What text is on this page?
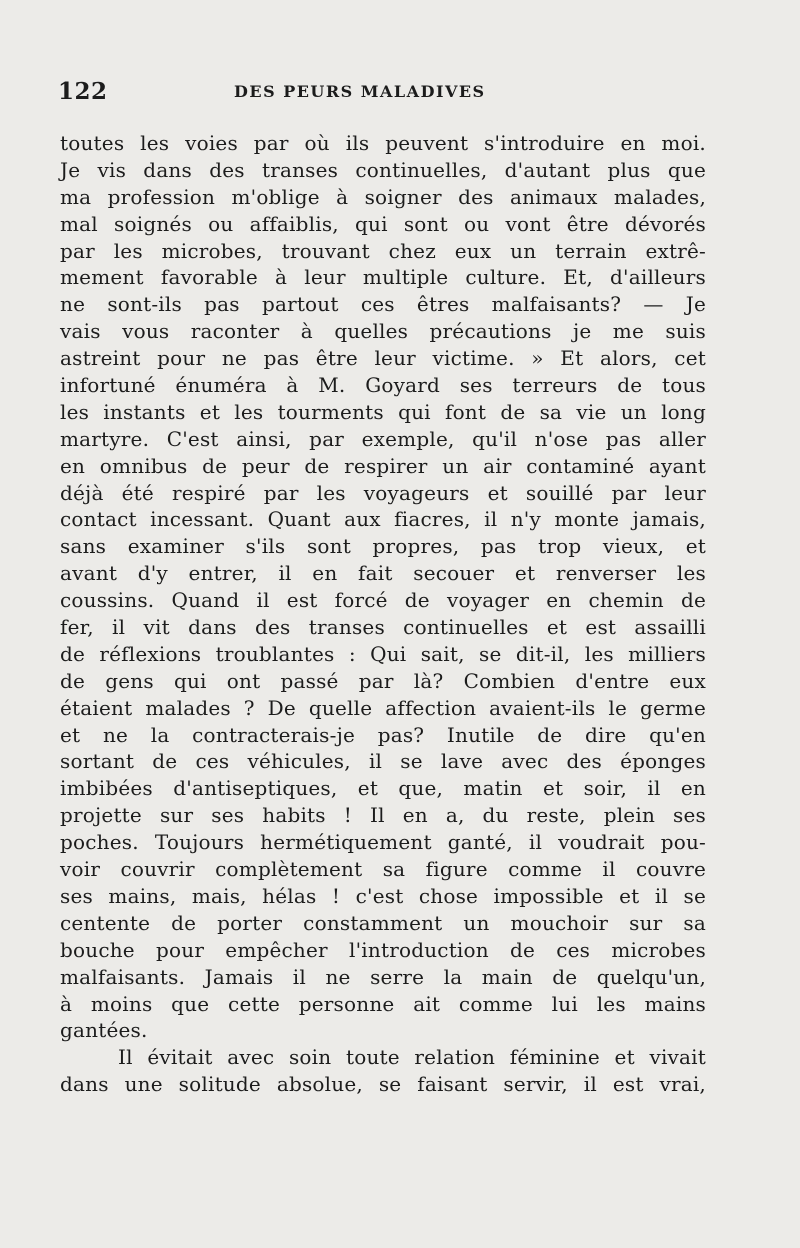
122	DES PEURS MALADIVES
toutes les voies par où ils peuvent s'introduire en moi.
Je vis dans des transes continuelles, d'autant plus que
ma profession m'oblige à soigner des animaux malades,
mal soignés ou affaiblis, qui sont ou vont être dévorés
par les microbes, trouvant chez eux un terrain extrê-
mement favorable à leur multiple culture. Et, d'ailleurs
ne sont-ils pas partout ces êtres malfaisants? — Je
vais vous raconter à quelles précautions je me suis
astreint pour ne pas être leur victime. » Et alors, cet
infortuné énuméra à M. Goyard ses terreurs de tous
les instants et les tourments qui font de sa vie un long
martyre. C'est ainsi, par exemple, qu'il n'ose pas aller
en omnibus de peur de respirer un air contaminé ayant
déjà été respiré par les voyageurs et souillé par leur
contact incessant. Quant aux fiacres, il n'y monte jamais,
sans examiner s'ils sont propres, pas trop vieux, et
avant d'y entrer, il en fait secouer et renverser les
coussins. Quand il est forcé de voyager en chemin de
fer, il vit dans des transes continuelles et est assailli
de réflexions troublantes : Qui sait, se dit-il, les milliers
de gens qui ont passé par là? Combien d'entre eux
étaient malades ? De quelle affection avaient-ils le germe
et ne la contracterais-je pas? Inutile de dire qu'en
sortant de ces véhicules, il se lave avec des éponges
imbibées d'antiseptiques, et que, matin et soir, il en
projette sur ses habits ! Il en a, du reste, plein ses
poches. Toujours hermétiquement ganté, il voudrait pou-
voir couvrir complètement sa figure comme il couvre
ses mains, mais, hélas ! c'est chose impossible et il se
centente de porter constamment un mouchoir sur sa
bouche pour empêcher l'introduction de ces microbes
malfaisants. Jamais il ne serre la main de quelqu'un,
à moins que cette personne ait comme lui les mains
gantées.
Il évitait avec soin toute relation féminine et vivait
dans une solitude absolue, se faisant servir, il est vrai,
